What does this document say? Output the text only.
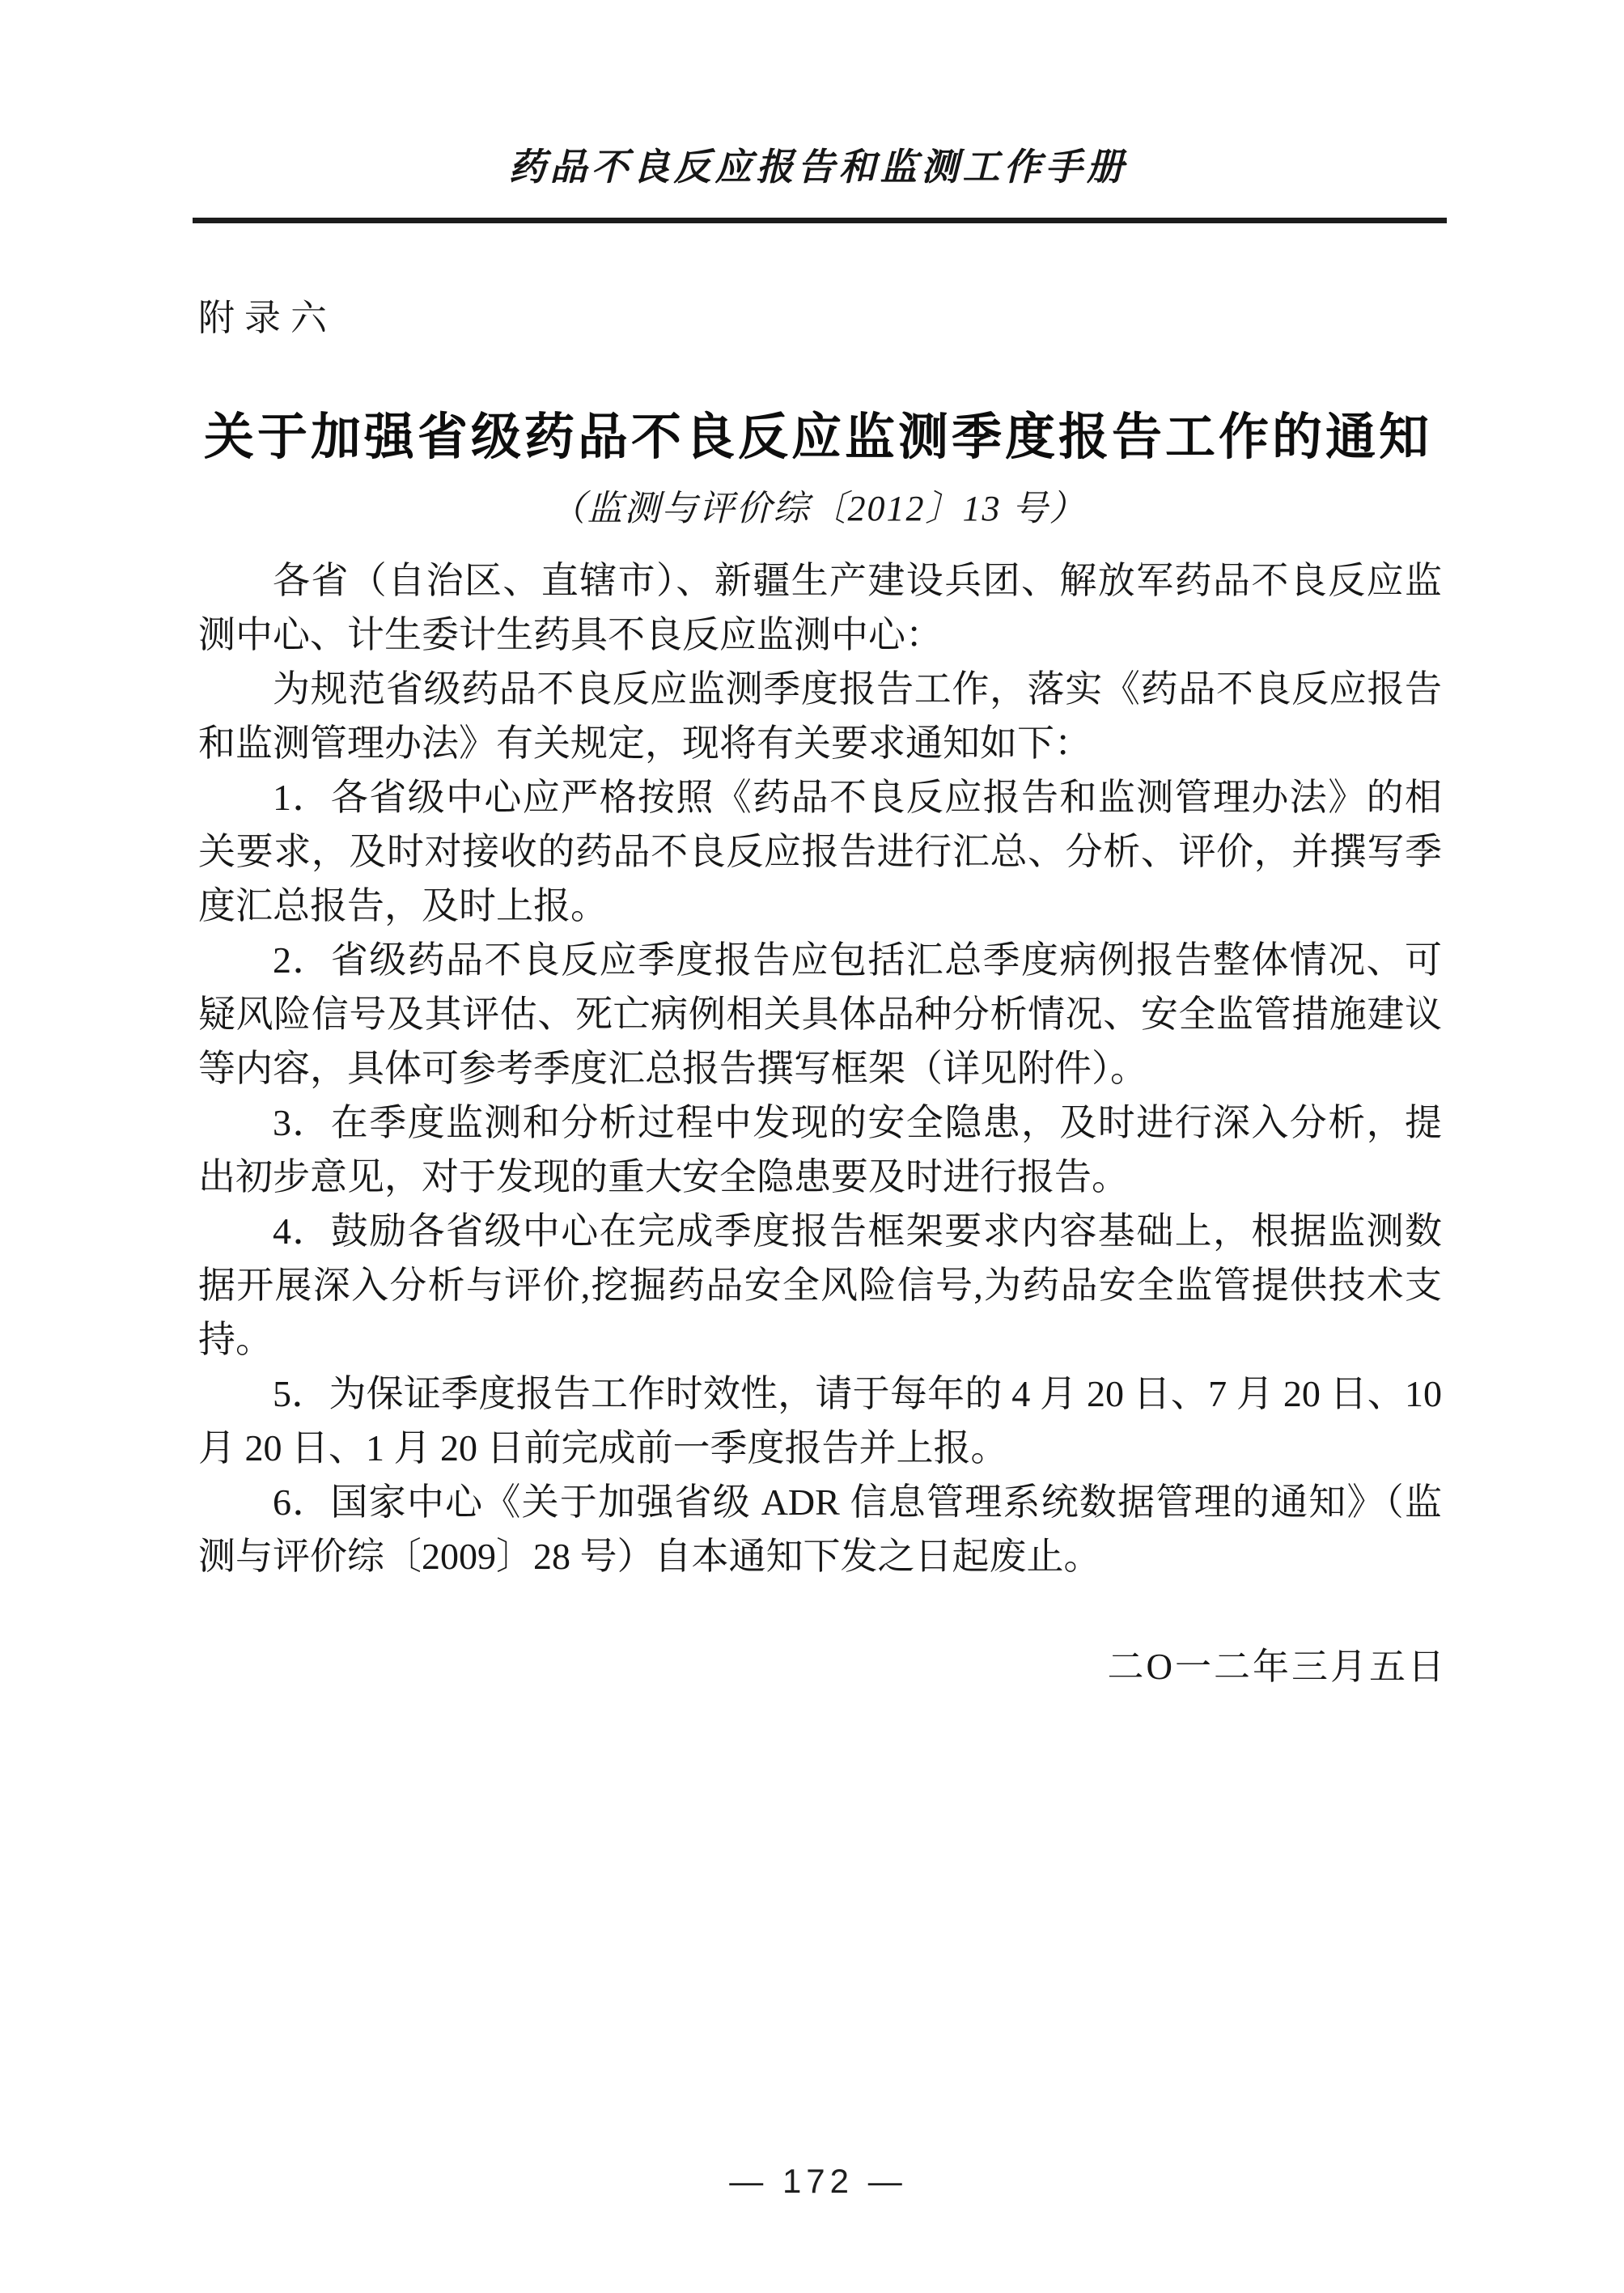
药品不良反应报告和监测工作手册
附录六
关于加强省级药品不良反应监测季度报告工作的通知
（监测与评价综〔2012〕13 号）

各省（自治区、直辖市）、新疆生产建设兵团、解放军药品不良反应监测中心、计生委计生药具不良反应监测中心：

为规范省级药品不良反应监测季度报告工作，落实《药品不良反应报告和监测管理办法》有关规定，现将有关要求通知如下：

1．各省级中心应严格按照《药品不良反应报告和监测管理办法》的相关要求，及时对接收的药品不良反应报告进行汇总、分析、评价，并撰写季度汇总报告，及时上报。

2．省级药品不良反应季度报告应包括汇总季度病例报告整体情况、可疑风险信号及其评估、死亡病例相关具体品种分析情况、安全监管措施建议等内容，具体可参考季度汇总报告撰写框架（详见附件）。

3．在季度监测和分析过程中发现的安全隐患，及时进行深入分析，提出初步意见，对于发现的重大安全隐患要及时进行报告。

4．鼓励各省级中心在完成季度报告框架要求内容基础上，根据监测数据开展深入分析与评价,挖掘药品安全风险信号,为药品安全监管提供技术支持。

5．为保证季度报告工作时效性，请于每年的 4 月 20 日、7 月 20 日、10 月 20 日、1 月 20 日前完成前一季度报告并上报。

6．国家中心《关于加强省级 ADR 信息管理系统数据管理的通知》（监测与评价综〔2009〕28 号）自本通知下发之日起废止。

二O一二年三月五日
— 172 —
